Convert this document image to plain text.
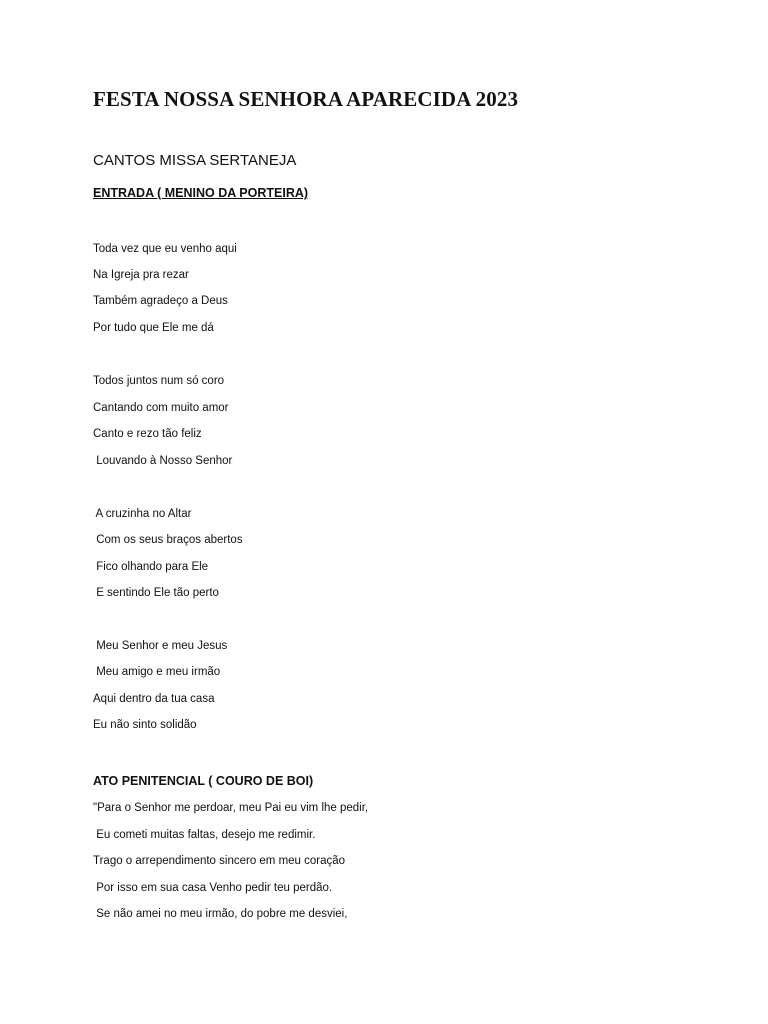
FESTA NOSSA SENHORA APARECIDA 2023
CANTOS MISSA SERTANEJA
ENTRADA ( MENINO DA PORTEIRA)
Toda vez que eu venho aqui
Na Igreja pra rezar
Também agradeço a Deus
Por tudo que Ele me dá
Todos juntos num só coro
Cantando com muito amor
Canto e rezo tão feliz
Louvando à Nosso Senhor
A cruzinha no Altar
Com os seus braços abertos
Fico olhando para Ele
E sentindo Ele tão perto
Meu Senhor e meu Jesus
Meu amigo e meu irmão
Aqui dentro da tua casa
Eu não sinto solidão
ATO PENITENCIAL ( COURO DE BOI)
"Para o Senhor me perdoar, meu Pai eu vim lhe pedir,
Eu cometi muitas faltas, desejo me redimir.
Trago o arrependimento sincero em meu coração
Por isso em sua casa Venho pedir teu perdão.
Se não amei no meu irmão, do pobre me desviei,
